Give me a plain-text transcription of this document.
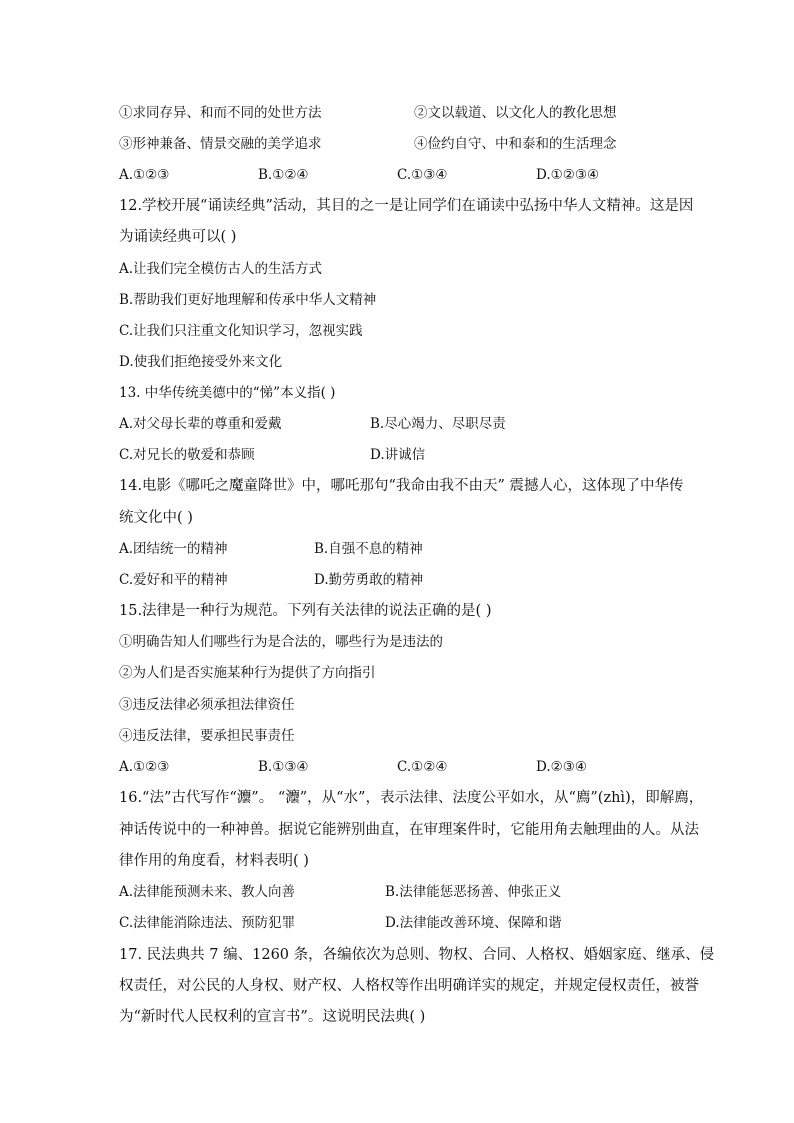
①求同存异、和而不同的处世方法	②文以载道、以文化人的教化思想
③形神兼备、情景交融的美学追求	④俭约自守、中和泰和的生活理念
A.①②③	B.①②④	C.①③④	D.①②③④
12.学校开展“诵读经典”活动，其目的之一是让同学们在诵读中弘扬中华人文精神。这是因
为诵读经典可以( )
A.让我们完全模仿古人的生活方式
B.帮助我们更好地理解和传承中华人文精神
C.让我们只注重文化知识学习，忽视实践
D.使我们拒绝接受外来文化
13. 中华传统美德中的“悌”本义指( )
A.对父母长辈的尊重和爱戴	B.尽心竭力、尽职尽责
C.对兄长的敬爱和恭顾	D.讲诚信
14.电影《哪吒之魔童降世》中，哪吒那句“我命由我不由天” 震撼人心，这体现了中华传
统文化中( )
A.团结统一的精神	B.自强不息的精神
C.爱好和平的精神	D.勤劳勇敢的精神
15.法律是一种行为规范。下列有关法律的说法正确的是( )
①明确告知人们哪些行为是合法的，哪些行为是违法的
②为人们是否实施某种行为提供了方向指引
③违反法律必须承担法律资任
④违反法律，要承担民事责任
A.①②③	B.①③④	C.①②④	D.②③④
16.“法”古代写作“灋”。 “灋”，从“水”，表示法律、法度公平如水，从“廌”(zhì)，即解廌，
神话传说中的一种神兽。据说它能辨别曲直，在审理案件时，它能用角去触理曲的人。从法
律作用的角度看，材料表明( )
A.法律能预测未来、教人向善	B.法律能惩恶扬善、伸张正义
C.法律能消除违法、预防犯罪	D.法律能改善环境、保障和谐
17. 民法典共 7 编、1260 条，各编依次为总则、物权、合同、人格权、婚姻家庭、继承、侵
权责任，对公民的人身权、财产权、人格权等作出明确详实的规定，并规定侵权责任，被誉
为“新时代人民权利的宣言书”。这说明民法典( )
